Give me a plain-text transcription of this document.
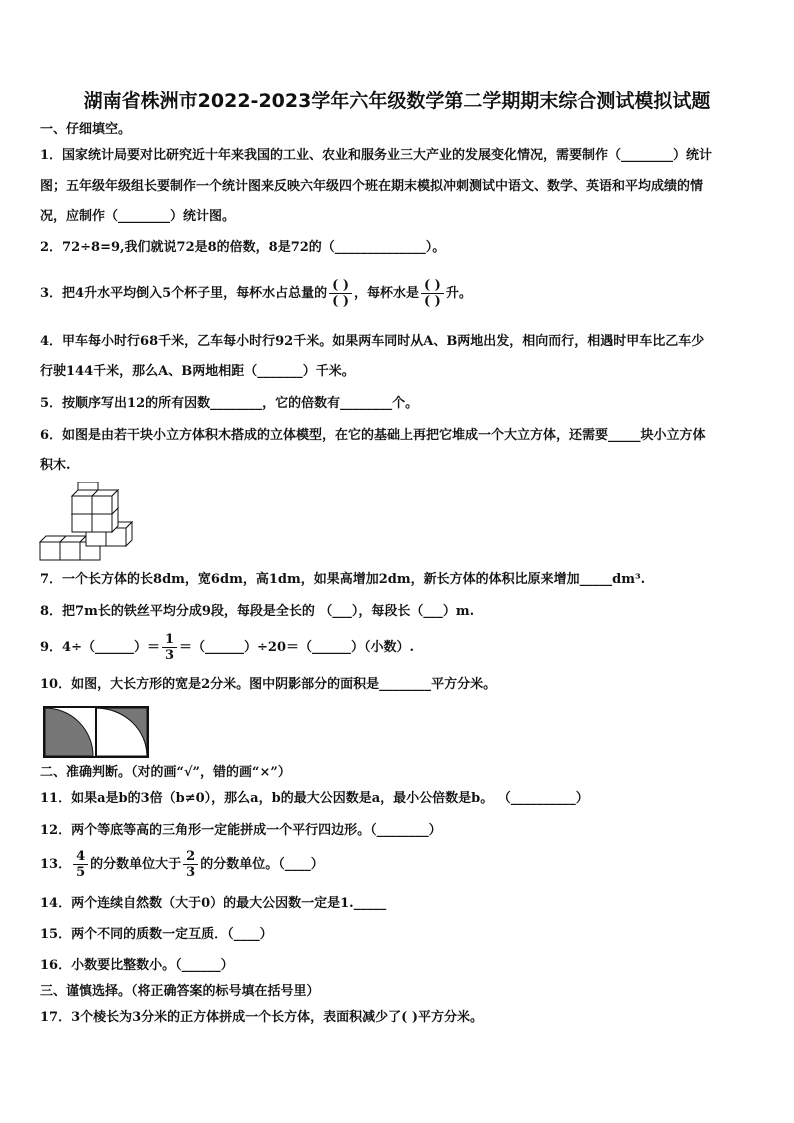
湖南省株洲市2022-2023学年六年级数学第二学期期末综合测试模拟试题
一、仔细填空。
1．国家统计局要对比研究近十年来我国的工业、农业和服务业三大产业的发展变化情况，需要制作（________）统计
图；五年级年级组长要制作一个统计图来反映六年级四个班在期末模拟冲刺测试中语文、数学、英语和平均成绩的情
况，应制作（________）统计图。
2．72÷8=9,我们就说72是8的倍数，8是72的（______________）。
3．把4升水平均倒入5个杯子里，每杯水占总量的 $\frac{( )}{( )}$ ，每杯水是 $\frac{( )}{( )}$ 升。
4．甲车每小时行68千米，乙车每小时行92千米。如果两车同时从A、B两地出发，相向而行，相遇时甲车比乙车少
行驶144千米，那么A、B两地相距（_______）千米。
5．按顺序写出12的所有因数________，它的倍数有________个。
6．如图是由若干块小立方体积木搭成的立体模型，在它的基础上再把它堆成一个大立方体，还需要_____块小立方体
积木.
7．一个长方体的长8dm，宽6dm，高1dm，如果高增加2dm，新长方体的体积比原来增加_____dm³.
8．把7m长的铁丝平均分成9段，每段是全长的 （___），每段长（___）m.
9．4÷（______）＝ $\frac{1}{3}$ ＝（______）÷20＝（______）（小数）.
10．如图，大长方形的宽是2分米。图中阴影部分的面积是________平方分米。
二、准确判断。（对的画“√”，错的画“×”）
11．如果a是b的3倍（b≠0），那么a，b的最大公因数是a，最小公倍数是b。 （__________）
12．两个等底等高的三角形一定能拼成一个平行四边形。（________）
13． $\frac{4}{5}$ 的分数单位大于 $\frac{2}{3}$ 的分数单位。（____）
14．两个连续自然数（大于0）的最大公因数一定是1._____
15．两个不同的质数一定互质．（____）
16．小数要比整数小。（______）
三、谨慎选择。（将正确答案的标号填在括号里）
17．3个棱长为3分米的正方体拼成一个长方体，表面积减少了( )平方分米。
